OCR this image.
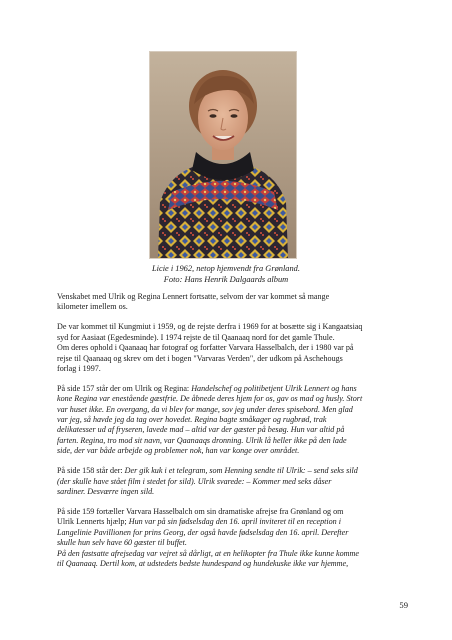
Licie i 1962, netop hjemvendt fra Grønland.
Foto: Hans Henrik Dalgaards album
Venskabet med Ulrik og Regina Lennert fortsatte, selvom der var kommet så mange
kilometer imellem os.
De var kommet til Kungmiut i 1959, og de rejste derfra i 1969 for at bosætte sig i Kangaatsiaq
syd for Aasiaat (Egedesminde). I 1974 rejste de til Qaanaaq nord for det gamle Thule.
Om deres ophold i Qaanaaq har fotograf og forfatter Varvara Hasselbalch, der i 1980 var på
rejse til Qaanaaq og skrev om det i bogen "Varvaras Verden", der udkom på Aschehougs
forlag i 1997.
På side 157 står der om Ulrik og Regina: Handelschef og politibetjent Ulrik Lennert og hans
kone Regina var enestående gæstfrie. De åbnede deres hjem for os, gav os mad og husly. Stort
var huset ikke. En overgang, da vi blev for mange, sov jeg under deres spisebord. Men glad
var jeg, så havde jeg da tag over hovedet. Regina bagte småkager og rugbrød, trak
delikatesser ud af fryseren, lavede mad – altid var der gæster på besøg. Hun var altid på
farten. Regina, tro mod sit navn, var Qaanaaqs dronning. Ulrik lå heller ikke på den lade
side, der var både arbejde og problemer nok, han var konge over området.
På side 158 står der: Der gik kuk i et telegram, som Henning sendte til Ulrik: – send seks sild
(der skulle have stået film i stedet for sild). Ulrik svarede: – Kommer med seks dåser
sardiner. Desværre ingen sild.
På side 159 fortæller Varvara Hasselbalch om sin dramatiske afrejse fra Grønland og om
Ulrik Lennerts hjælp; Hun var på sin fødselsdag den 16. april inviteret til en reception i
Langelinie Pavillionen for prins Georg, der også havde fødselsdag den 16. april. Derefter
skulle hun selv have 60 gæster til buffet.
På den fastsatte afrejsedag var vejret så dårligt, at en helikopter fra Thule ikke kunne komme
til Qaanaaq. Dertil kom, at udstedets bedste hundespand og hundekuske ikke var hjemme,
59
